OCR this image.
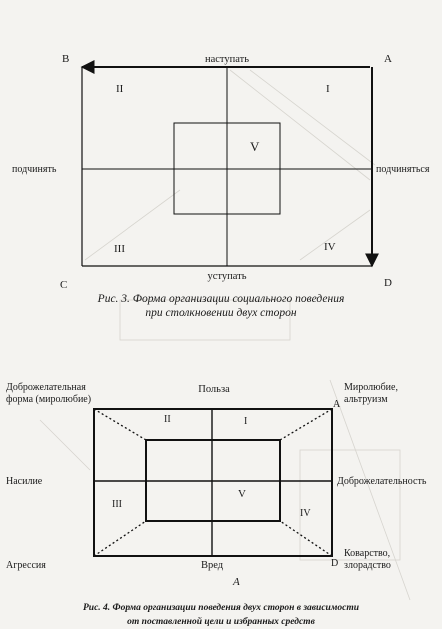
B	A
C	D
наступать
уступать
подчинять	подчиняться
I
II
III	IV
V
Доброжелательная
форма (миролюбие)
Польза	Миролюбие,
альтруизм
A
Насилие	Доброжелательность
Агрессия	Вред	D
Коварство,
злорадство
A
I
II
III
IV
V

Рис. 3. Форма организации социального поведения
при столкновении двух сторон

Рис. 4. Форма организации поведения двух сторон в зависимости
от поставленной цели и избранных средств
